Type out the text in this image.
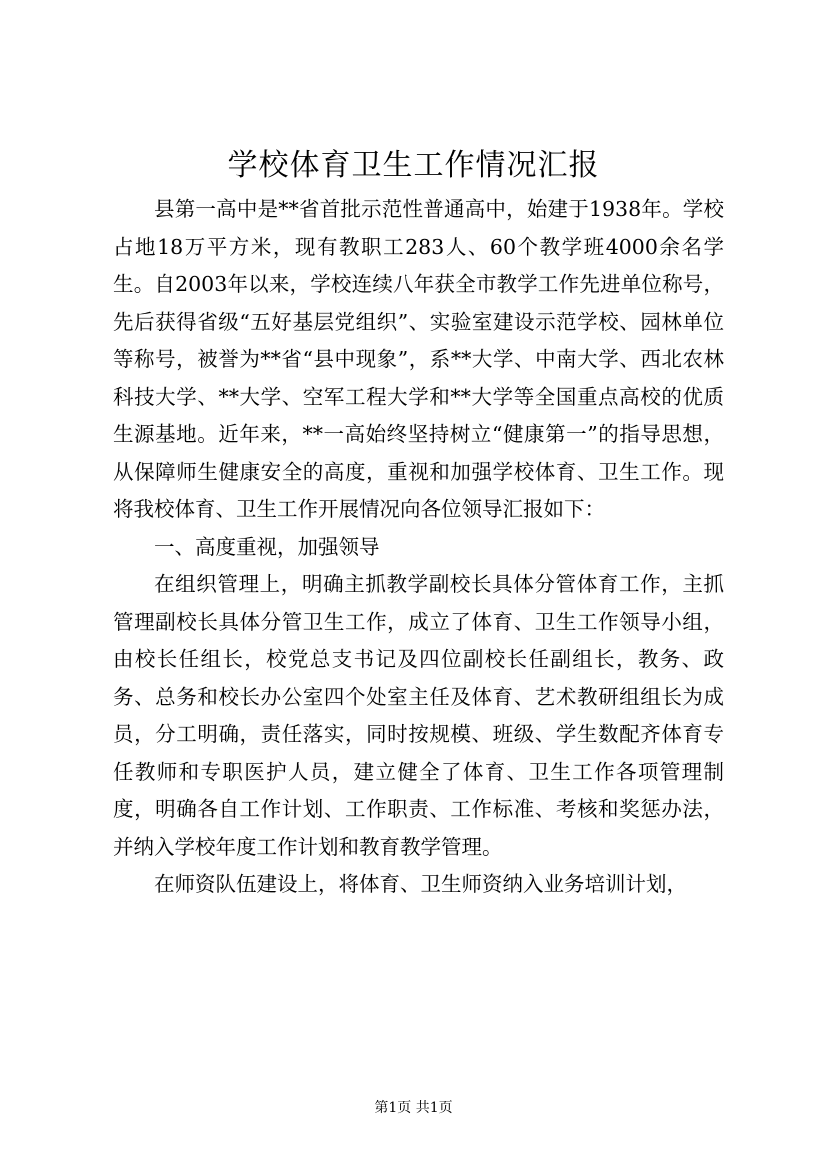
学校体育卫生工作情况汇报

县第一高中是**省首批示范性普通高中，始建于1938年。学校占地18万平方米，现有教职工283人、60个教学班4000余名学生。自2003年以来，学校连续八年获全市教学工作先进单位称号，先后获得省级“五好基层党组织”、实验室建设示范学校、园林单位等称号，被誉为**省“县中现象”，系**大学、中南大学、西北农林科技大学、**大学、空军工程大学和**大学等全国重点高校的优质生源基地。近年来，**一高始终坚持树立“健康第一”的指导思想，从保障师生健康安全的高度，重视和加强学校体育、卫生工作。现将我校体育、卫生工作开展情况向各位领导汇报如下：

一、高度重视，加强领导

在组织管理上，明确主抓教学副校长具体分管体育工作，主抓管理副校长具体分管卫生工作，成立了体育、卫生工作领导小组，由校长任组长，校党总支书记及四位副校长任副组长，教务、政务、总务和校长办公室四个处室主任及体育、艺术教研组组长为成员，分工明确，责任落实，同时按规模、班级、学生数配齐体育专任教师和专职医护人员，建立健全了体育、卫生工作各项管理制度，明确各自工作计划、工作职责、工作标准、考核和奖惩办法，并纳入学校年度工作计划和教育教学管理。

在师资队伍建设上，将体育、卫生师资纳入业务培训计划，

第1页 共1页
